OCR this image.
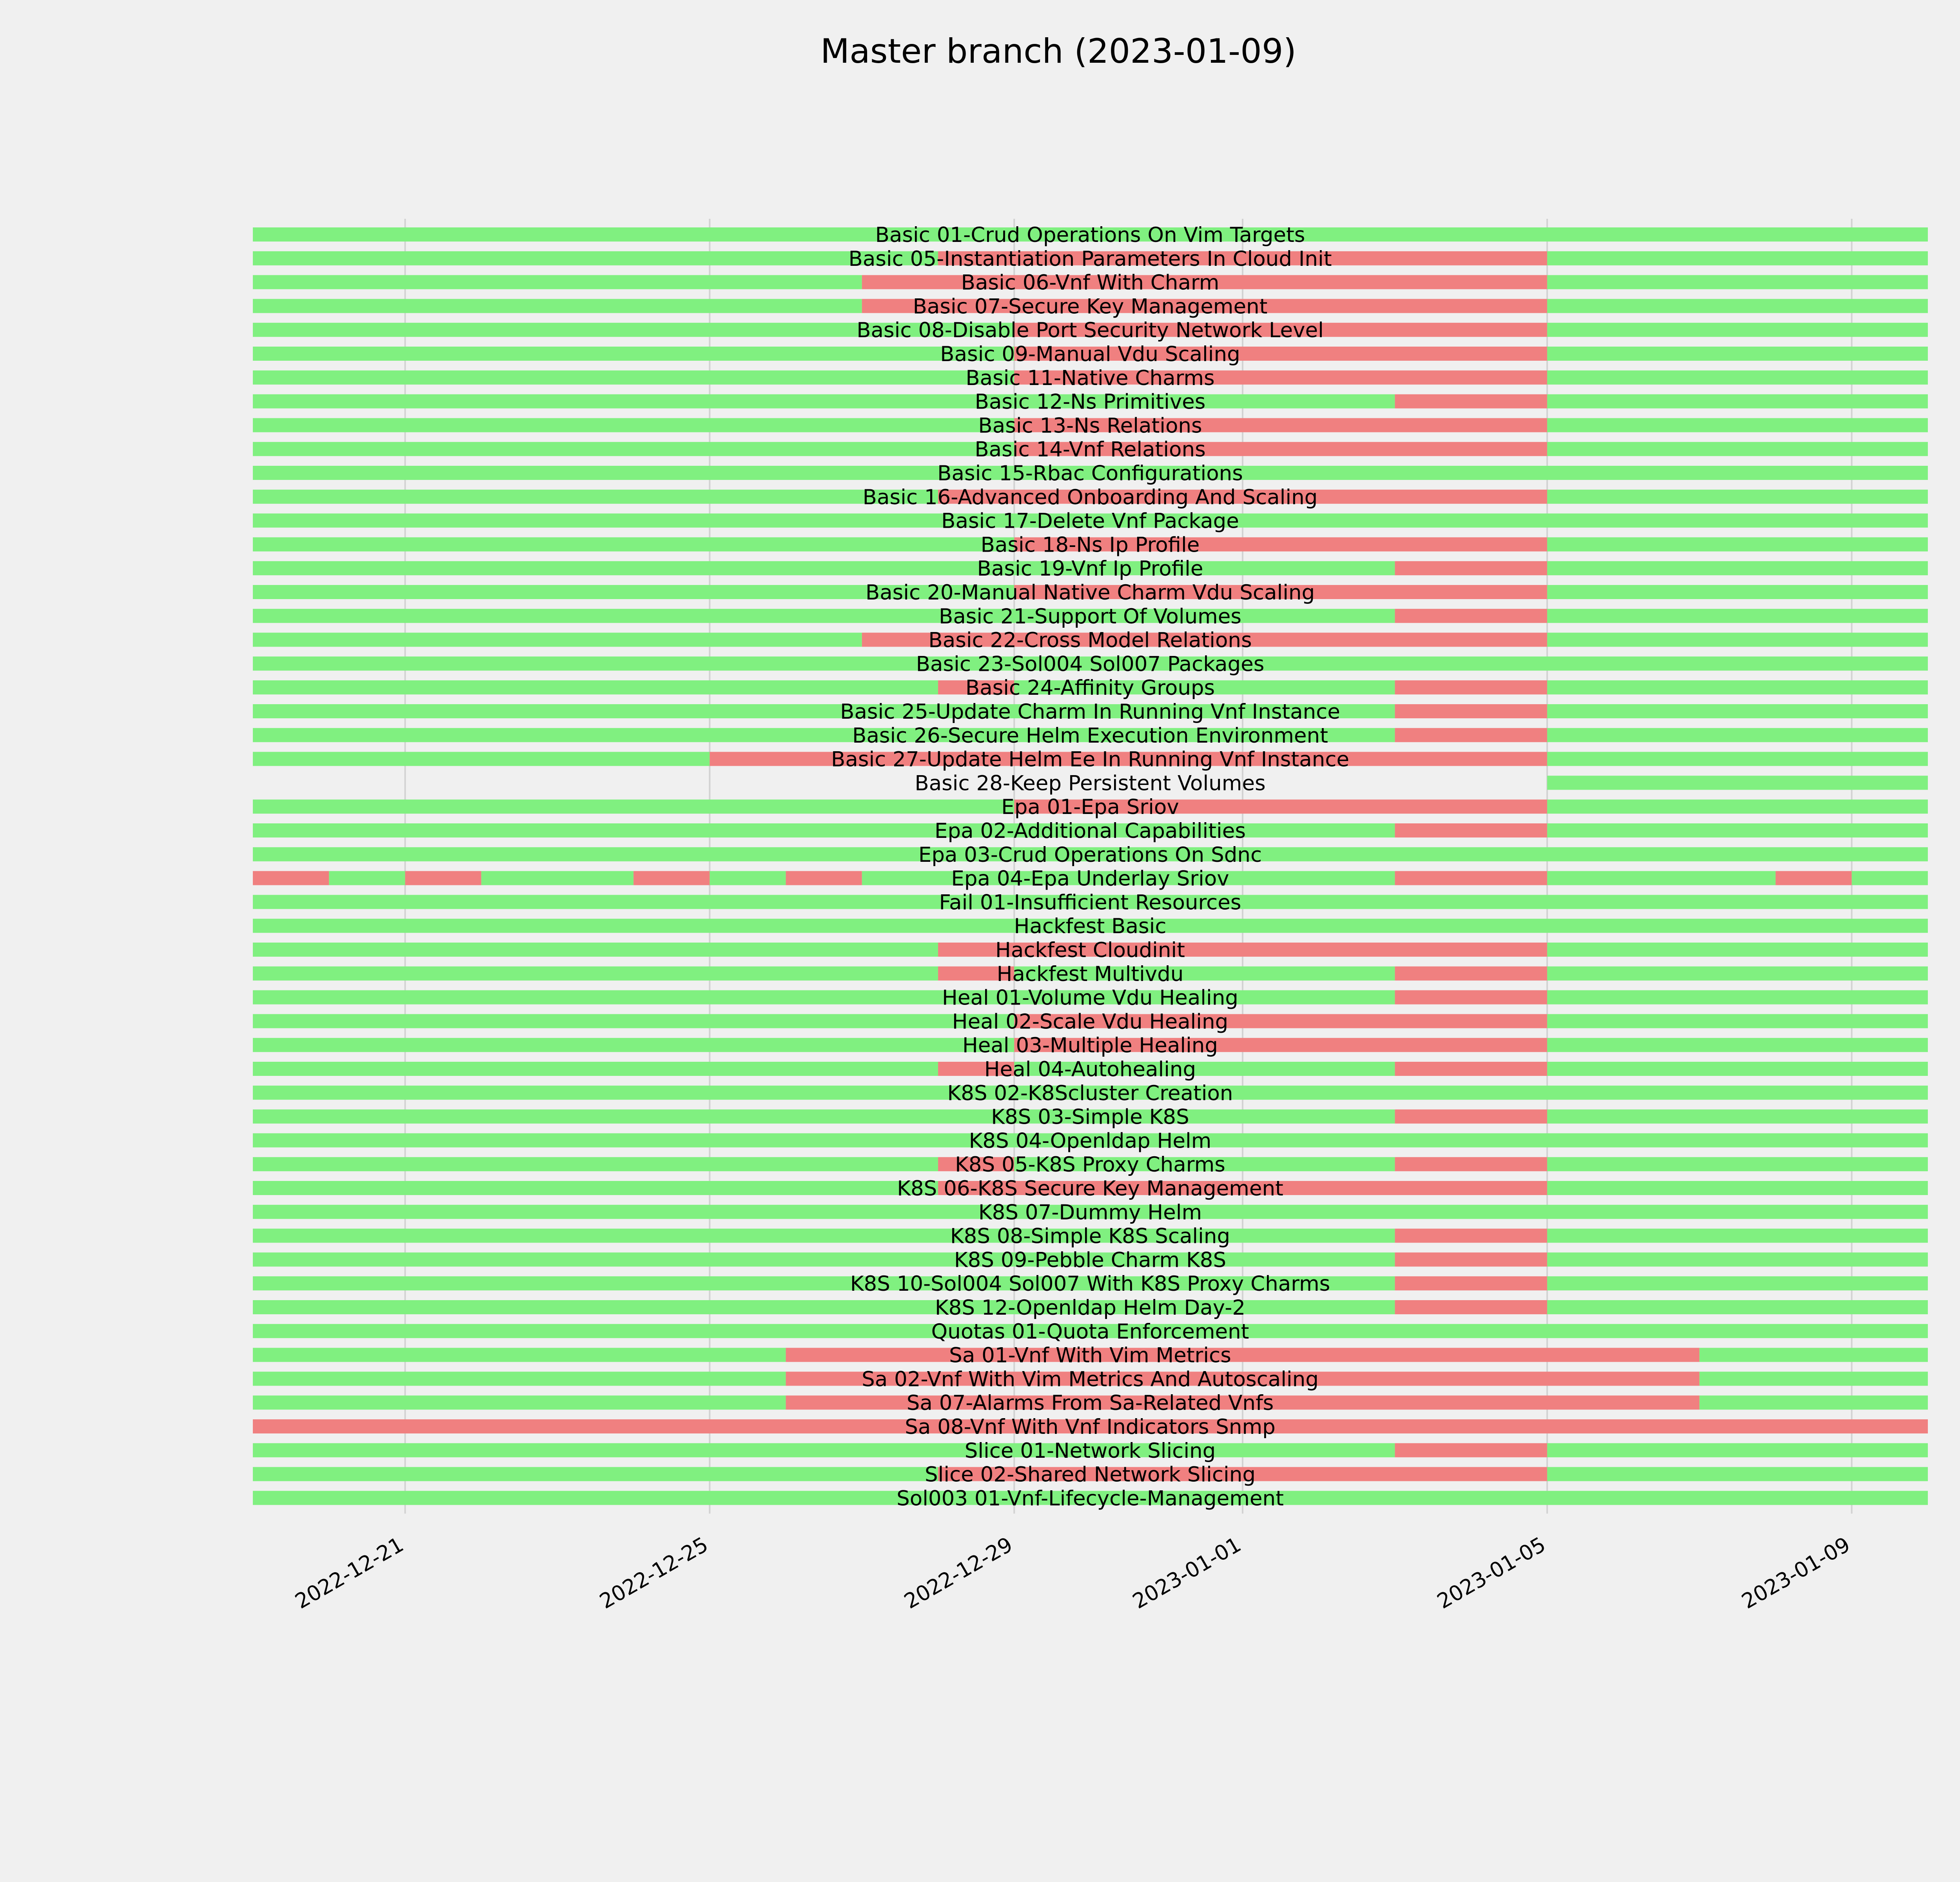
Master branch (2023-01-09)
Basic 01-Crud Operations On Vim Targets
Basic 05-Instantiation Parameters In Cloud Init
Basic 06-Vnf With Charm
Basic 07-Secure Key Management
Basic 08-Disable Port Security Network Level
Basic 09-Manual Vdu Scaling
Basic 11-Native Charms
Basic 12-Ns Primitives
Basic 13-Ns Relations
Basic 14-Vnf Relations
Basic 15-Rbac Configurations
Basic 16-Advanced Onboarding And Scaling
Basic 17-Delete Vnf Package
Basic 18-Ns Ip Profile
Basic 19-Vnf Ip Profile
Basic 20-Manual Native Charm Vdu Scaling
Basic 21-Support Of Volumes
Basic 22-Cross Model Relations
Basic 23-Sol004 Sol007 Packages
Basic 24-Affinity Groups
Basic 25-Update Charm In Running Vnf Instance
Basic 26-Secure Helm Execution Environment
Basic 27-Update Helm Ee In Running Vnf Instance
Basic 28-Keep Persistent Volumes
Epa 01-Epa Sriov
Epa 02-Additional Capabilities
Epa 03-Crud Operations On Sdnc
Epa 04-Epa Underlay Sriov
Fail 01-Insufficient Resources
Hackfest Basic
Hackfest Cloudinit
Hackfest Multivdu
Heal 01-Volume Vdu Healing
Heal 02-Scale Vdu Healing
Heal 03-Multiple Healing
Heal 04-Autohealing
K8S 02-K8Scluster Creation
K8S 03-Simple K8S
K8S 04-Openldap Helm
K8S 05-K8S Proxy Charms
K8S 06-K8S Secure Key Management
K8S 07-Dummy Helm
K8S 08-Simple K8S Scaling
K8S 09-Pebble Charm K8S
K8S 10-Sol004 Sol007 With K8S Proxy Charms
K8S 12-Openldap Helm Day-2
Quotas 01-Quota Enforcement
Sa 01-Vnf With Vim Metrics
Sa 02-Vnf With Vim Metrics And Autoscaling
Sa 07-Alarms From Sa-Related Vnfs
Sa 08-Vnf With Vnf Indicators Snmp
Slice 01-Network Slicing
Slice 02-Shared Network Slicing
Sol003 01-Vnf-Lifecycle-Management
2022-12-21	2022-12-25	2022-12-29	2023-01-01	2023-01-05	2023-01-09
